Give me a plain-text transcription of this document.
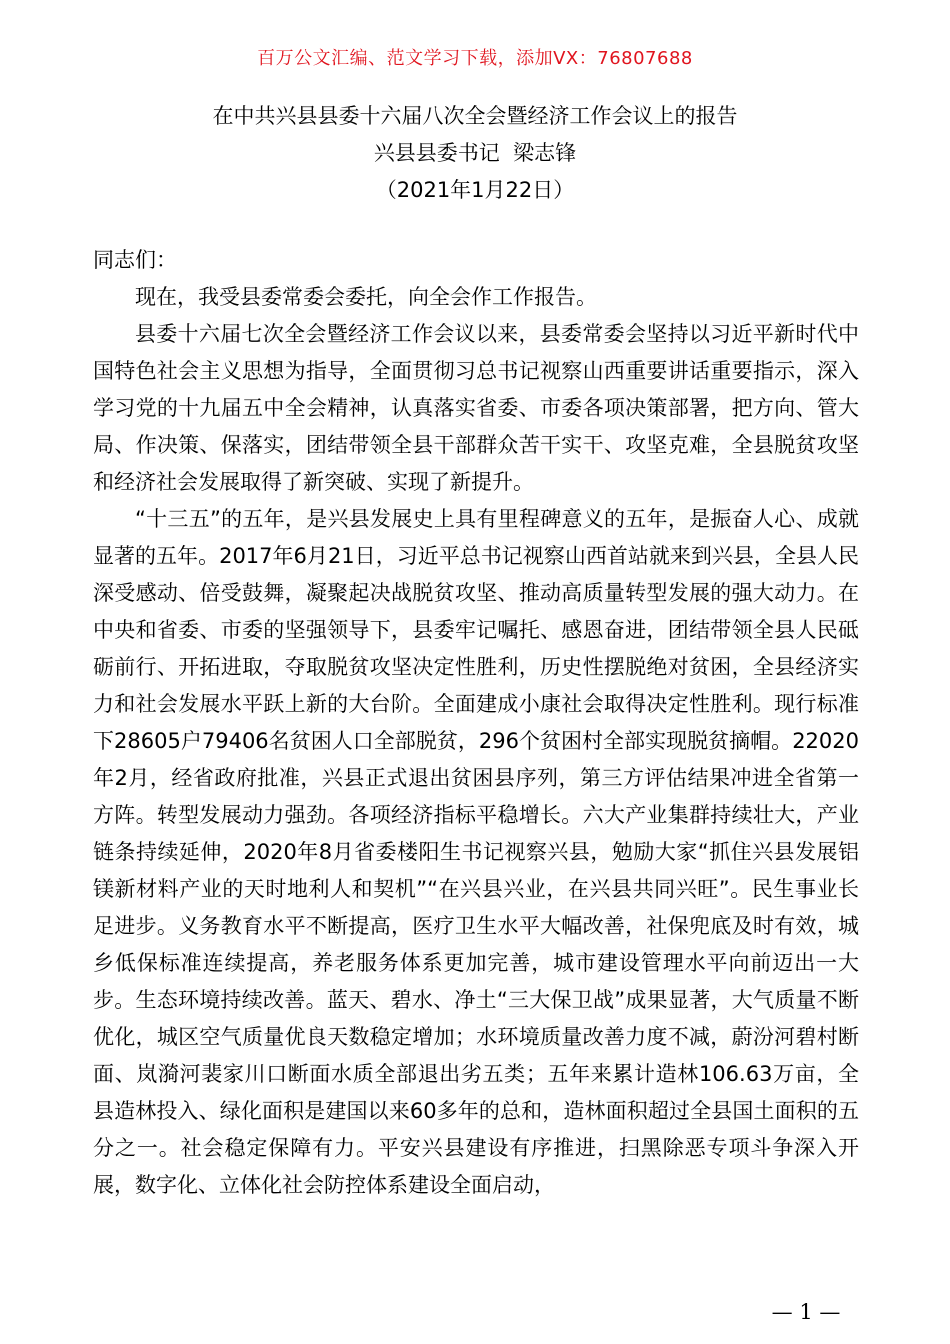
百万公文汇编、范文学习下载，添加VX：76807688
在中共兴县县委十六届八次全会暨经济工作会议上的报告
兴县县委书记  梁志锋
（2021年1月22日）

同志们：

现在，我受县委常委会委托，向全会作工作报告。

县委十六届七次全会暨经济工作会议以来，县委常委会坚持以习近平新时代中国特色社会主义思想为指导，全面贯彻习总书记视察山西重要讲话重要指示，深入学习党的十九届五中全会精神，认真落实省委、市委各项决策部署，把方向、管大局、作决策、保落实，团结带领全县干部群众苦干实干、攻坚克难，全县脱贫攻坚和经济社会发展取得了新突破、实现了新提升。

“十三五”的五年，是兴县发展史上具有里程碑意义的五年，是振奋人心、成就显著的五年。2017年6月21日，习近平总书记视察山西首站就来到兴县，全县人民深受感动、倍受鼓舞，凝聚起决战脱贫攻坚、推动高质量转型发展的强大动力。在中央和省委、市委的坚强领导下，县委牢记嘱托、感恩奋进，团结带领全县人民砥砺前行、开拓进取，夺取脱贫攻坚决定性胜利，历史性摆脱绝对贫困，全县经济实力和社会发展水平跃上新的大台阶。全面建成小康社会取得决定性胜利。现行标准下28605户79406名贫困人口全部脱贫，296个贫困村全部实现脱贫摘帽。22020年2月，经省政府批准，兴县正式退出贫困县序列，第三方评估结果冲进全省第一方阵。转型发展动力强劲。各项经济指标平稳增长。六大产业集群持续壮大，产业链条持续延伸，2020年8月省委楼阳生书记视察兴县，勉励大家“抓住兴县发展铝镁新材料产业的天时地利人和契机”“在兴县兴业，在兴县共同兴旺”。民生事业长足进步。义务教育水平不断提高，医疗卫生水平大幅改善，社保兜底及时有效，城乡低保标准连续提高，养老服务体系更加完善，城市建设管理水平向前迈出一大步。生态环境持续改善。蓝天、碧水、净土“三大保卫战”成果显著，大气质量不断优化，城区空气质量优良天数稳定增加；水环境质量改善力度不减，蔚汾河碧村断面、岚漪河裴家川口断面水质全部退出劣五类；五年来累计造林106.63万亩，全县造林投入、绿化面积是建国以来60多年的总和，造林面积超过全县国土面积的五分之一。社会稳定保障有力。平安兴县建设有序推进，扫黑除恶专项斗争深入开展，数字化、立体化社会防控体系建设全面启动，

— 1 —
